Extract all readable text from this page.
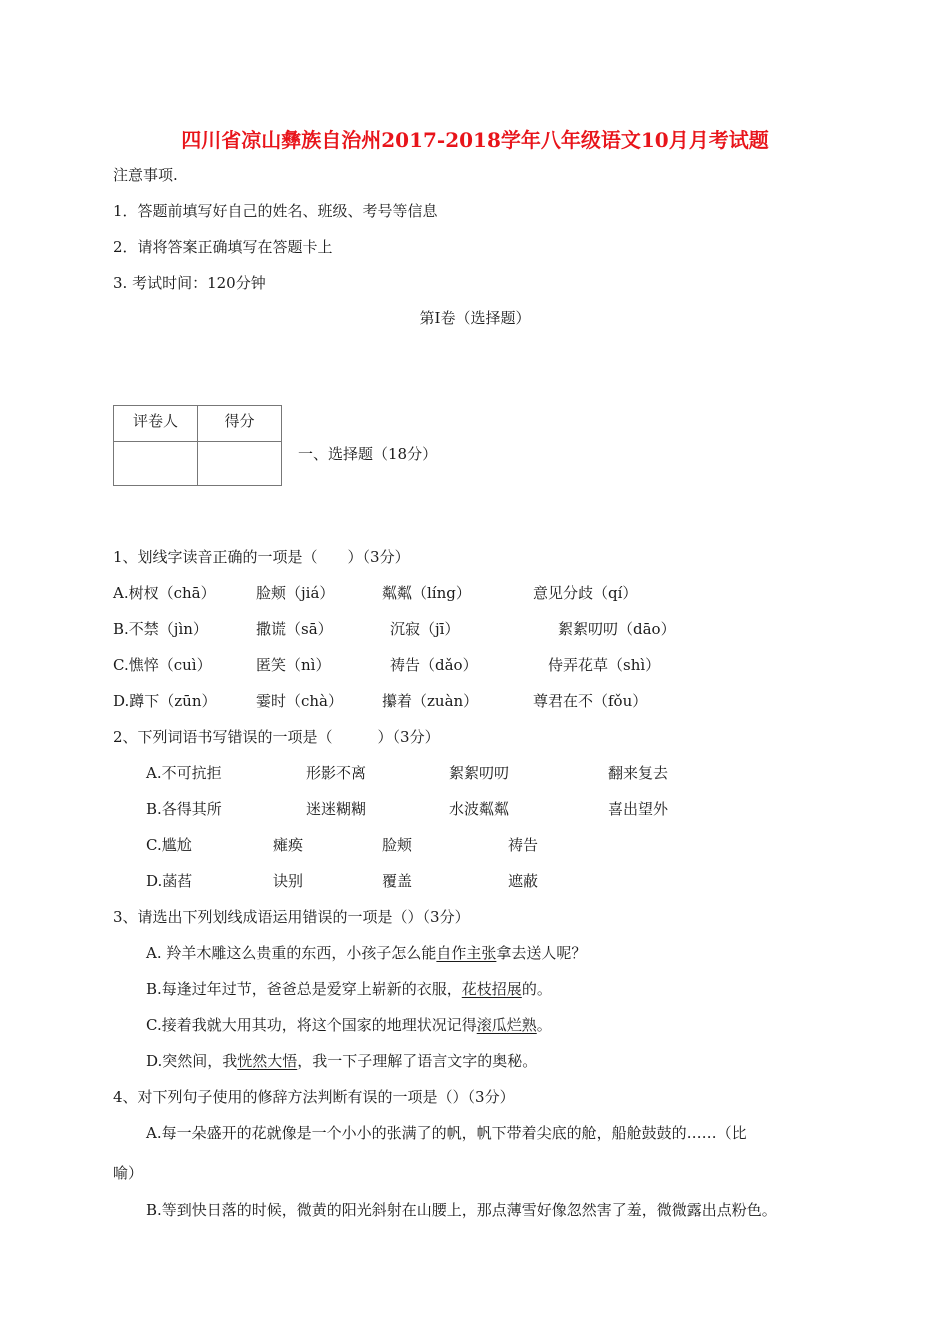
四川省凉山彝族自治州2017-2018学年八年级语文10月月考试题
注意事项.
1．答题前填写好自己的姓名、班级、考号等信息
2．请将答案正确填写在答题卡上
3. 考试时间：120分钟
第Ⅰ卷（选择题）
评卷人	得分

一、选择题（18分）
1、划线字读音正确的一项是（　　）（3分）
A.树杈（chā）	脸颊（jiá）	粼粼（líng）	意见分歧（qí）
B.不禁（jìn）	撒谎（sā）	沉寂（jī）	絮絮叨叨（dāo）
C.憔悴（cuì）	匿笑（nì）	祷告（dǎo）	侍弄花草（shì）
D.蹲下（zūn）	霎时（chà）	攥着（zuàn）	尊君在不（fǒu）
2、下列词语书写错误的一项是（　　　）（3分）
A.不可抗拒	形影不离	絮絮叨叨	翻来复去
B.各得其所	迷迷糊糊	水波粼粼	喜出望外
C.尴尬	瘫痪	脸颊	祷告
D.菡萏	诀别	覆盖	遮蔽
3、请选出下列划线成语运用错误的一项是（）（3分）
A. 羚羊木雕这么贵重的东西，小孩子怎么能自作主张拿去送人呢？
B.每逢过年过节，爸爸总是爱穿上崭新的衣服，花枝招展的。
C.接着我就大用其功，将这个国家的地理状况记得滚瓜烂熟。
D.突然间，我恍然大悟，我一下子理解了语言文字的奥秘。
4、对下列句子使用的修辞方法判断有误的一项是（）（3分）
A.每一朵盛开的花就像是一个小小的张满了的帆，帆下带着尖底的舱，船舱鼓鼓的……（比
喻）
B.等到快日落的时候，微黄的阳光斜射在山腰上，那点薄雪好像忽然害了羞，微微露出点粉色。
